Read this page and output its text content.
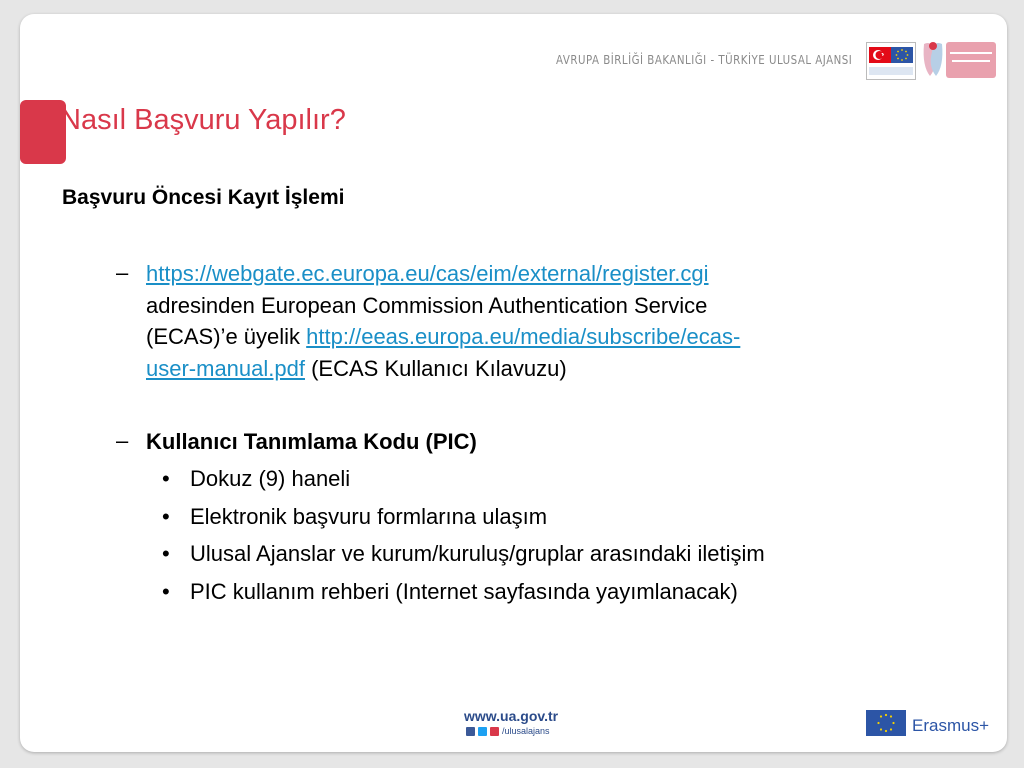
AVRUPA BİRLİĞİ BAKANLIĞI - TÜRKİYE ULUSAL AJANSI
Nasıl Başvuru Yapılır?
Başvuru Öncesi Kayıt İşlemi
– https://webgate.ec.europa.eu/cas/eim/external/register.cgi
adresinden European Commission Authentication Service
(ECAS)’e üyelik http://eeas.europa.eu/media/subscribe/ecas-
user-manual.pdf (ECAS Kullanıcı Kılavuzu)
– Kullanıcı Tanımlama Kodu (PIC)
• Dokuz (9) haneli
• Elektronik başvuru formlarına ulaşım
• Ulusal Ajanslar ve kurum/kuruluş/gruplar arasındaki iletişim
• PIC kullanım rehberi (Internet sayfasında yayımlanacak)
www.ua.gov.tr
/ulusalajans	Erasmus+
